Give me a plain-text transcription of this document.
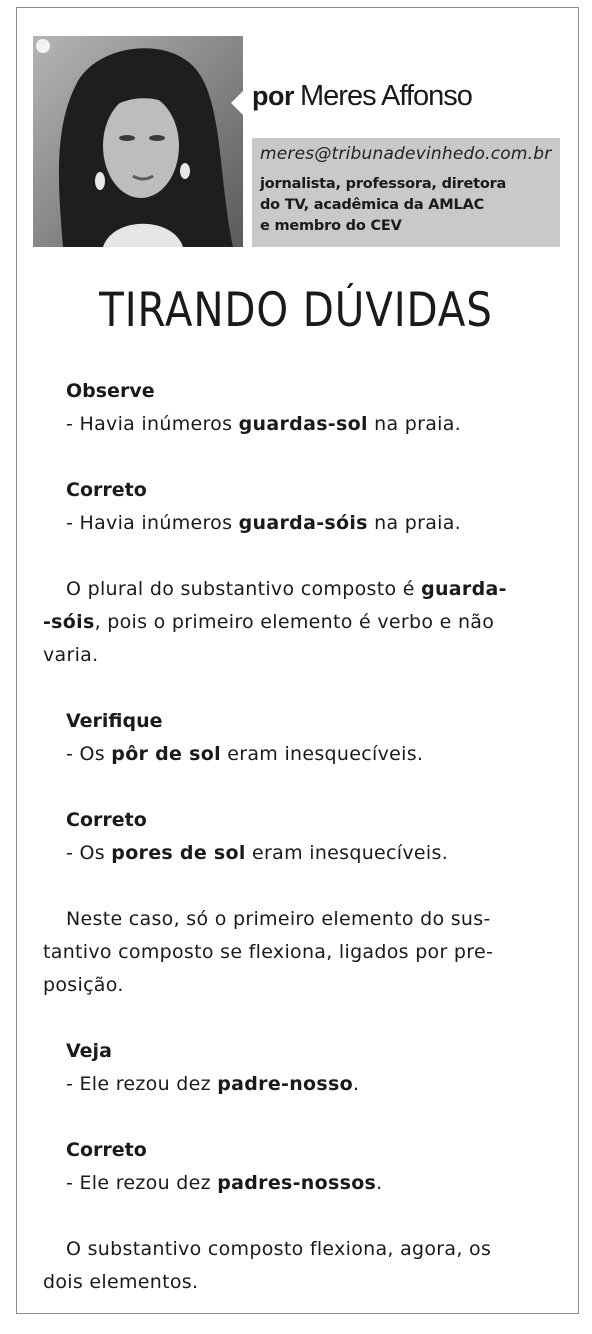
por Meres Affonso
meres@tribunadevinhedo.com.br
jornalista, professora, diretora
do TV, acadêmica da AMLAC
e membro do CEV
TIRANDO DÚVIDAS
Observe
- Havia inúmeros guardas-sol na praia.
Correto
- Havia inúmeros guarda-sóis na praia.
O plural do substantivo composto é guarda-
-sóis, pois o primeiro elemento é verbo e não
varia.
Verifique
- Os pôr de sol eram inesquecíveis.
Correto
- Os pores de sol eram inesquecíveis.
Neste caso, só o primeiro elemento do sus-
tantivo composto se flexiona, ligados por pre-
posição.
Veja
- Ele rezou dez padre-nosso.
Correto
- Ele rezou dez padres-nossos.
O substantivo composto flexiona, agora, os
dois elementos.
